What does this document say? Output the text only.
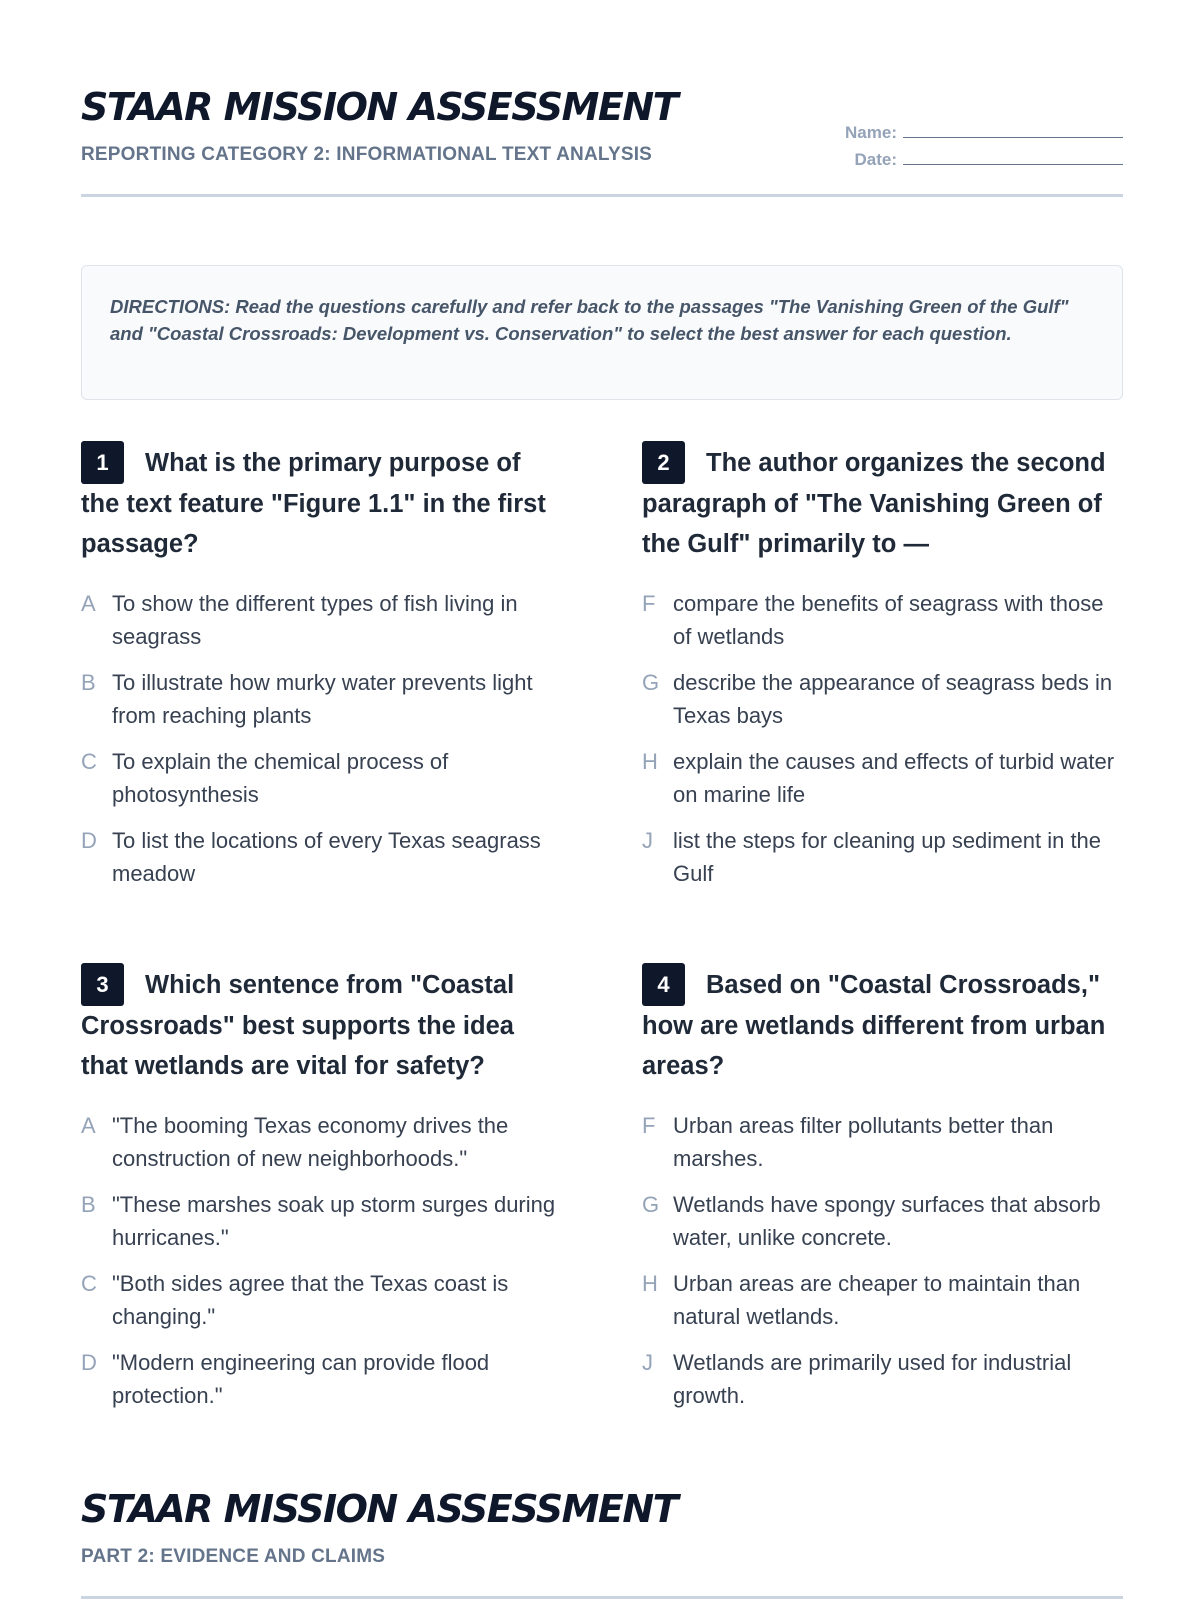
STAAR MISSION ASSESSMENT
REPORTING CATEGORY 2: INFORMATIONAL TEXT ANALYSIS
Name:
Date:

DIRECTIONS: Read the questions carefully and refer back to the passages "The Vanishing Green of the Gulf" and "Coastal Crossroads: Development vs. Conservation" to select the best answer for each question.

1 What is the primary purpose of the text feature "Figure 1.1" in the first passage?
A To show the different types of fish living in seagrass
B To illustrate how murky water prevents light from reaching plants
C To explain the chemical process of photosynthesis
D To list the locations of every Texas seagrass meadow
2 The author organizes the second paragraph of "The Vanishing Green of the Gulf" primarily to —
F compare the benefits of seagrass with those of wetlands
G describe the appearance of seagrass beds in Texas bays
H explain the causes and effects of turbid water on marine life
J list the steps for cleaning up sediment in the Gulf
3 Which sentence from "Coastal Crossroads" best supports the idea that wetlands are vital for safety?
A "The booming Texas economy drives the construction of new neighborhoods."
B "These marshes soak up storm surges during hurricanes."
C "Both sides agree that the Texas coast is changing."
D "Modern engineering can provide flood protection."
4 Based on "Coastal Crossroads," how are wetlands different from urban areas?
F Urban areas filter pollutants better than marshes.
G Wetlands have spongy surfaces that absorb water, unlike concrete.
H Urban areas are cheaper to maintain than natural wetlands.
J Wetlands are primarily used for industrial growth.
STAAR MISSION ASSESSMENT
PART 2: EVIDENCE AND CLAIMS
